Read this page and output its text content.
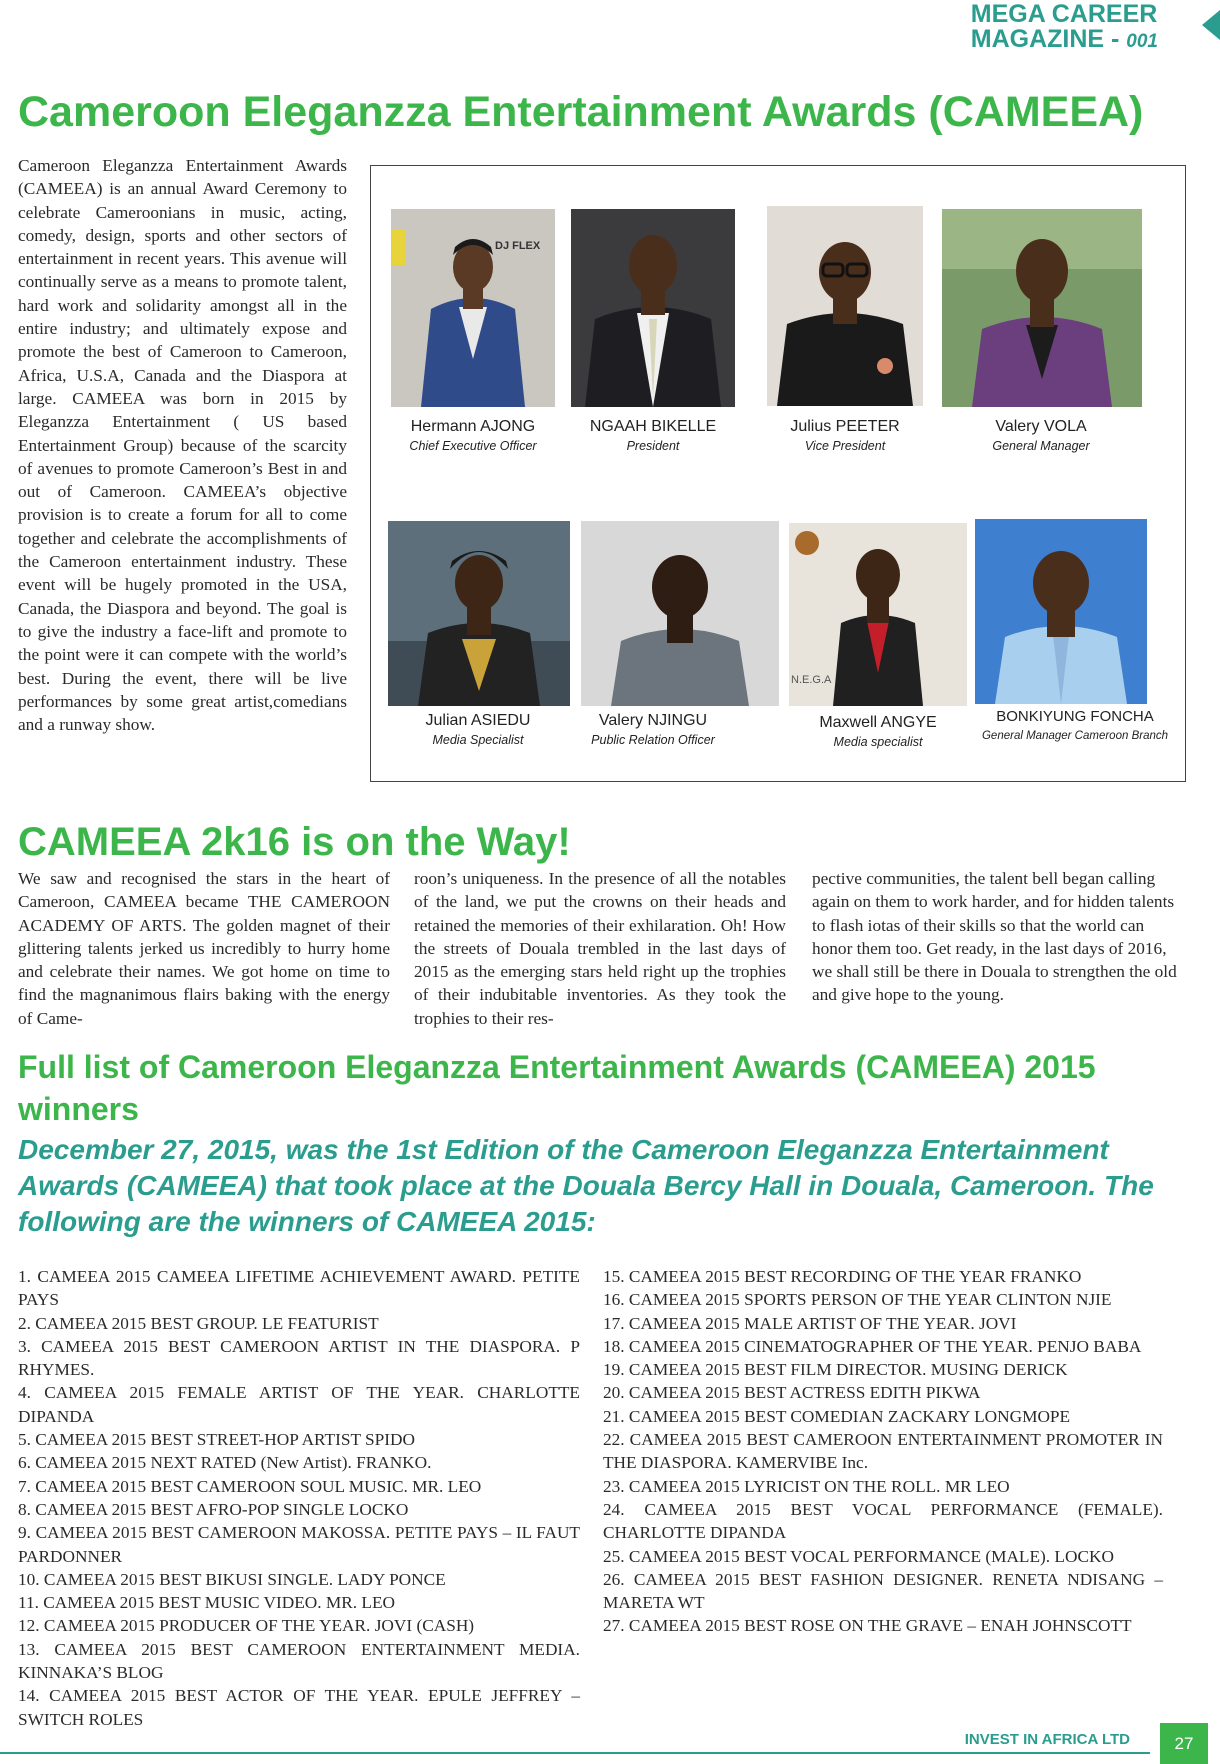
MEGA CAREER
MAGAZINE - 001
Cameroon Eleganzza Entertainment Awards (CAMEEA)

Cameroon Eleganzza Entertainment Awards (CAMEEA) is an annual Award Ceremony to celebrate Cameroonians in music, acting, comedy, design, sports and other sectors of entertainment in recent years. This avenue will continually serve as a means to promote talent, hard work and solidarity amongst all in the entire industry; and ultimately expose and promote the best of Cameroon to Cameroon, Africa, U.S.A, Canada and the Diaspora at large. CAMEEA was born in 2015 by Eleganzza Entertainment ( US based Entertainment Group) because of the scarcity of avenues to promote Cameroon’s Best in and out of Cameroon. CAMEEA’s objective provision is to create a forum for all to come together and celebrate the accomplishments of the Cameroon entertainment industry. These event will be hugely promoted in the USA, Canada, the Diaspora and beyond. The goal is to give the industry a face-lift and promote to the point were it can compete with the world’s best. During the event, there will be live performances by some great artist,comedians and a runway show.

DJ FLEX
Hermann AJONG
Chief Executive Officer
NGAAH BIKELLE
President
Julius PEETER
Vice President
Valery VOLA
General Manager
Julian ASIEDU
Media Specialist
Valery NJINGU
Public Relation Officer
N.E.G.A
Maxwell ANGYE
Media specialist
BONKIYUNG FONCHA
General Manager Cameroon Branch
CAMEEA 2k16 is on the Way!

We saw and recognised the stars in the heart of Cameroon, CAMEEA became THE CAMEROON ACADEMY OF ARTS. The golden magnet of their glittering talents jerked us incredibly to hurry home and celebrate their names. We got home on time to find the magnanimous flairs baking with the energy of Came-

roon’s uniqueness. In the presence of all the notables of the land, we put the crowns on their heads and retained the memories of their exhilaration. Oh! How the streets of Douala trembled in the last days of 2015 as the emerging stars held right up the trophies of their indubitable inventories. As they took the trophies to their res-

pective communities, the talent bell began calling again on them to work harder, and for hidden talents to flash iotas of their skills so that the world can honor them too. Get ready, in the last days of 2016, we shall still be there in Douala to strengthen the old and give hope to the young.

Full list of Cameroon Eleganzza Entertainment Awards (CAMEEA) 2015 winners

December 27, 2015, was the 1st Edition of the Cameroon Eleganzza Entertainment Awards (CAMEEA) that took place at the Douala Bercy Hall in Douala, Cameroon. The following are the winners of CAMEEA 2015:

1. CAMEEA 2015 CAMEEA LIFETIME ACHIEVEMENT AWARD. PETITE PAYS
2. CAMEEA 2015 BEST GROUP. LE FEATURIST
3. CAMEEA 2015 BEST CAMEROON ARTIST IN THE DIASPORA. P RHYMES.
4. CAMEEA 2015 FEMALE ARTIST OF THE YEAR. CHARLOTTE DIPANDA
5. CAMEEA 2015 BEST STREET-HOP ARTIST SPIDO
6. CAMEEA 2015 NEXT RATED (New Artist). FRANKO.
7. CAMEEA 2015 BEST CAMEROON SOUL MUSIC. MR. LEO
8. CAMEEA 2015 BEST AFRO-POP SINGLE LOCKO
9. CAMEEA 2015 BEST CAMEROON MAKOSSA. PETITE PAYS – IL FAUT PARDONNER
10. CAMEEA 2015 BEST BIKUSI SINGLE. LADY PONCE
11. CAMEEA 2015 BEST MUSIC VIDEO. MR. LEO
12. CAMEEA 2015 PRODUCER OF THE YEAR. JOVI (CASH)
13. CAMEEA 2015 BEST CAMEROON ENTERTAINMENT MEDIA. KINNAKA’S BLOG
14. CAMEEA 2015 BEST ACTOR OF THE YEAR. EPULE JEFFREY – SWITCH ROLES
15. CAMEEA 2015 BEST RECORDING OF THE YEAR FRANKO
16. CAMEEA 2015 SPORTS PERSON OF THE YEAR CLINTON NJIE
17. CAMEEA 2015 MALE ARTIST OF THE YEAR. JOVI
18. CAMEEA 2015 CINEMATOGRAPHER OF THE YEAR. PENJO BABA
19. CAMEEA 2015 BEST FILM DIRECTOR. MUSING DERICK
20. CAMEEA 2015 BEST ACTRESS EDITH PIKWA
21. CAMEEA 2015 BEST COMEDIAN ZACKARY LONGMOPE
22. CAMEEA 2015 BEST CAMEROON ENTERTAINMENT PROMOTER IN THE DIASPORA. KAMERVIBE Inc.
23. CAMEEA 2015 LYRICIST ON THE ROLL. MR LEO
24. CAMEEA 2015 BEST VOCAL PERFORMANCE (FEMALE). CHARLOTTE DIPANDA
25. CAMEEA 2015 BEST VOCAL PERFORMANCE (MALE). LOCKO
26. CAMEEA 2015 BEST FASHION DESIGNER. RENETA NDISANG – MARETA WT
27. CAMEEA 2015 BEST ROSE ON THE GRAVE – ENAH JOHNSCOTT
INVEST IN AFRICA LTD	27
